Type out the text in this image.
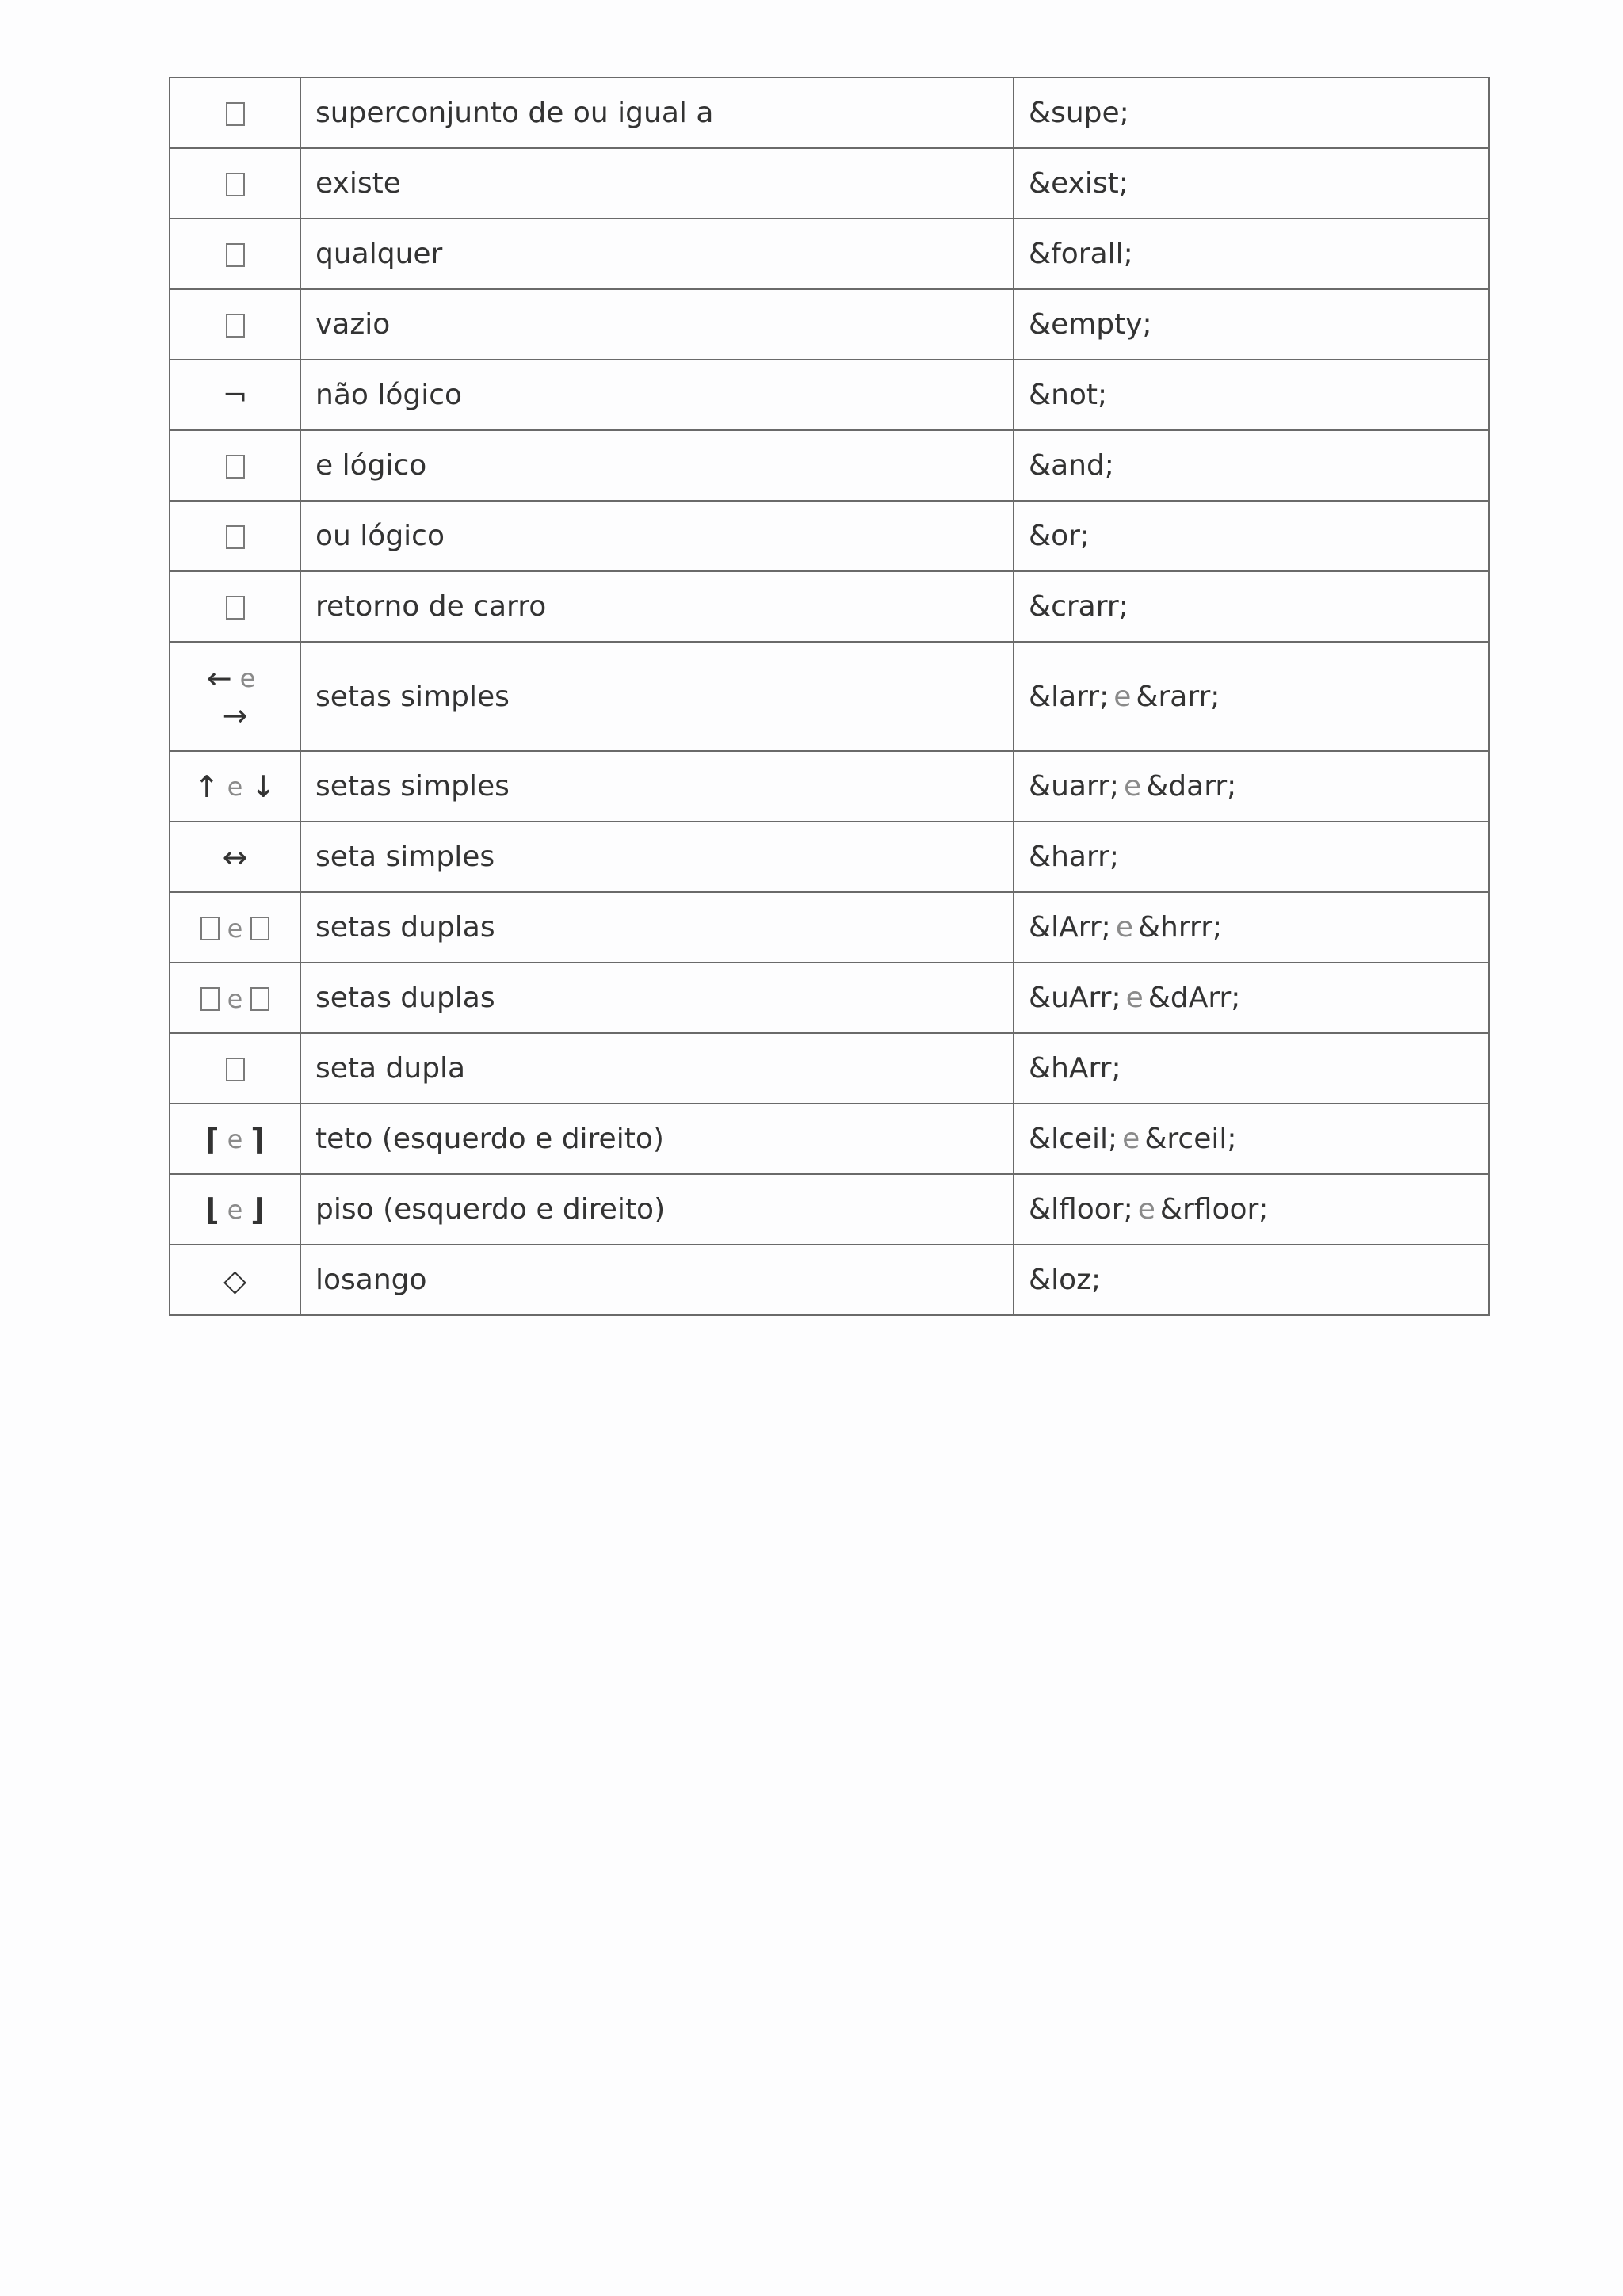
	superconjunto de ou igual a	&supe;
	existe	&exist;
	qualquer	&forall;
	vazio	&empty;
¬	não lógico	&not;
	e lógico	&and;
	ou lógico	&or;
	retorno de carro	&crarr;
← e
→	setas simples	&larr; e &rarr;
↑ e ↓	setas simples	&uarr; e &darr;
↔	seta simples	&harr;
e	setas duplas	&lArr; e &hrrr;
e	setas duplas	&uArr; e &dArr;
	seta dupla	&hArr;
⌈ e ⌉	teto (esquerdo e direito)	&lceil; e &rceil;
⌊ e ⌋	piso (esquerdo e direito)	&lfloor; e &rfloor;
◇	losango	&loz;
